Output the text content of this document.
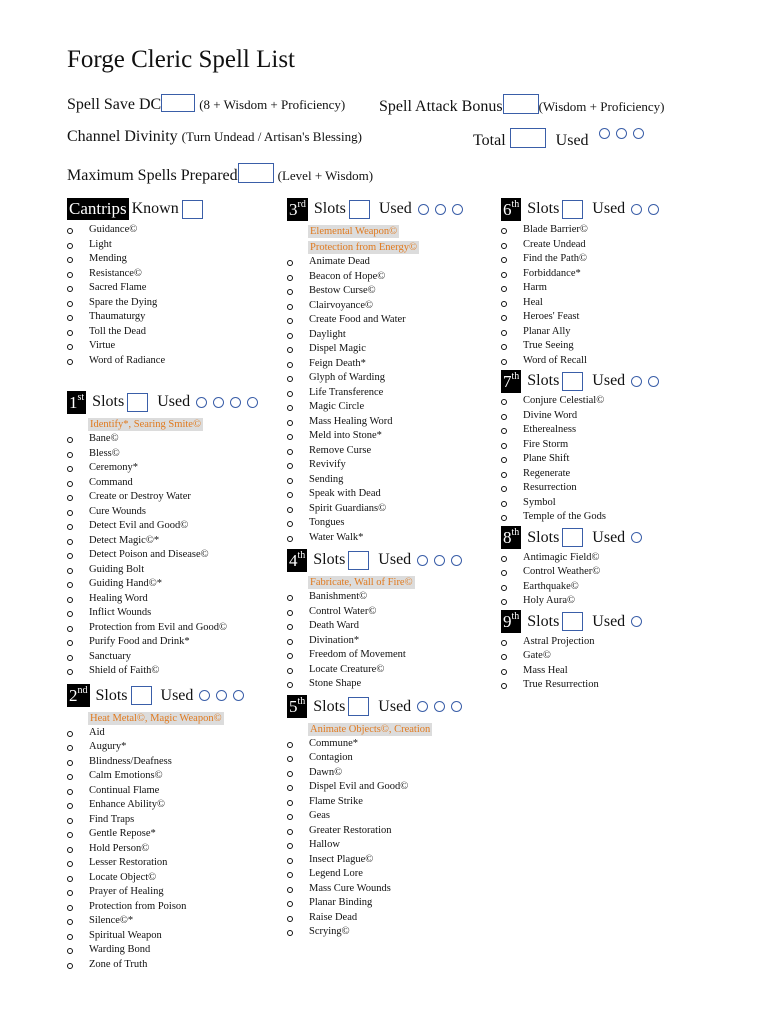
Forge Cleric Spell List
Spell Save DC	(8 + Wisdom + Proficiency) Spell Attack Bonus	(Wisdom + Proficiency)
Channel Divinity (Turn Undead / Artisan's Blessing)	Total	Used
Maximum Spells Prepared	(Level + Wisdom)
Cantrips Known
Guidance©
Light
Mending
Resistance©
Sacred Flame
Spare the Dying
Thaumaturgy
Toll the Dead
Virtue
Word of Radiance
1st Slots Used
Identify*, Searing Smite©
Bane©
Bless©
Ceremony*
Command
Create or Destroy Water
Cure Wounds
Detect Evil and Good©
Detect Magic©*
Detect Poison and Disease©
Guiding Bolt
Guiding Hand©*
Healing Word
Inflict Wounds
Protection from Evil and Good©
Purify Food and Drink*
Sanctuary
Shield of Faith©
2nd Slots Used
Heat Metal©, Magic Weapon©
Aid
Augury*
Blindness/Deafness
Calm Emotions©
Continual Flame
Enhance Ability©
Find Traps
Gentle Repose*
Hold Person©
Lesser Restoration
Locate Object©
Prayer of Healing
Protection from Poison
Silence©*
Spiritual Weapon
Warding Bond
Zone of Truth
3rd Slots Used
Elemental Weapon©
Protection from Energy©
Animate Dead
Beacon of Hope©
Bestow Curse©
Clairvoyance©
Create Food and Water
Daylight
Dispel Magic
Feign Death*
Glyph of Warding
Life Transference
Magic Circle
Mass Healing Word
Meld into Stone*
Remove Curse
Revivify
Sending
Speak with Dead
Spirit Guardians©
Tongues
Water Walk*
4th Slots Used
Fabricate, Wall of Fire©
Banishment©
Control Water©
Death Ward
Divination*
Freedom of Movement
Locate Creature©
Stone Shape
5th Slots Used
Animate Objects©, Creation
Commune*
Contagion
Dawn©
Dispel Evil and Good©
Flame Strike
Geas
Greater Restoration
Hallow
Insect Plague©
Legend Lore
Mass Cure Wounds
Planar Binding
Raise Dead
Scrying©
6th Slots Used
Blade Barrier©
Create Undead
Find the Path©
Forbiddance*
Harm
Heal
Heroes' Feast
Planar Ally
True Seeing
Word of Recall
7th Slots Used
Conjure Celestial©
Divine Word
Etherealness
Fire Storm
Plane Shift
Regenerate
Resurrection
Symbol
Temple of the Gods
8th Slots Used
Antimagic Field©
Control Weather©
Earthquake©
Holy Aura©
9th Slots Used
Astral Projection
Gate©
Mass Heal
True Resurrection
